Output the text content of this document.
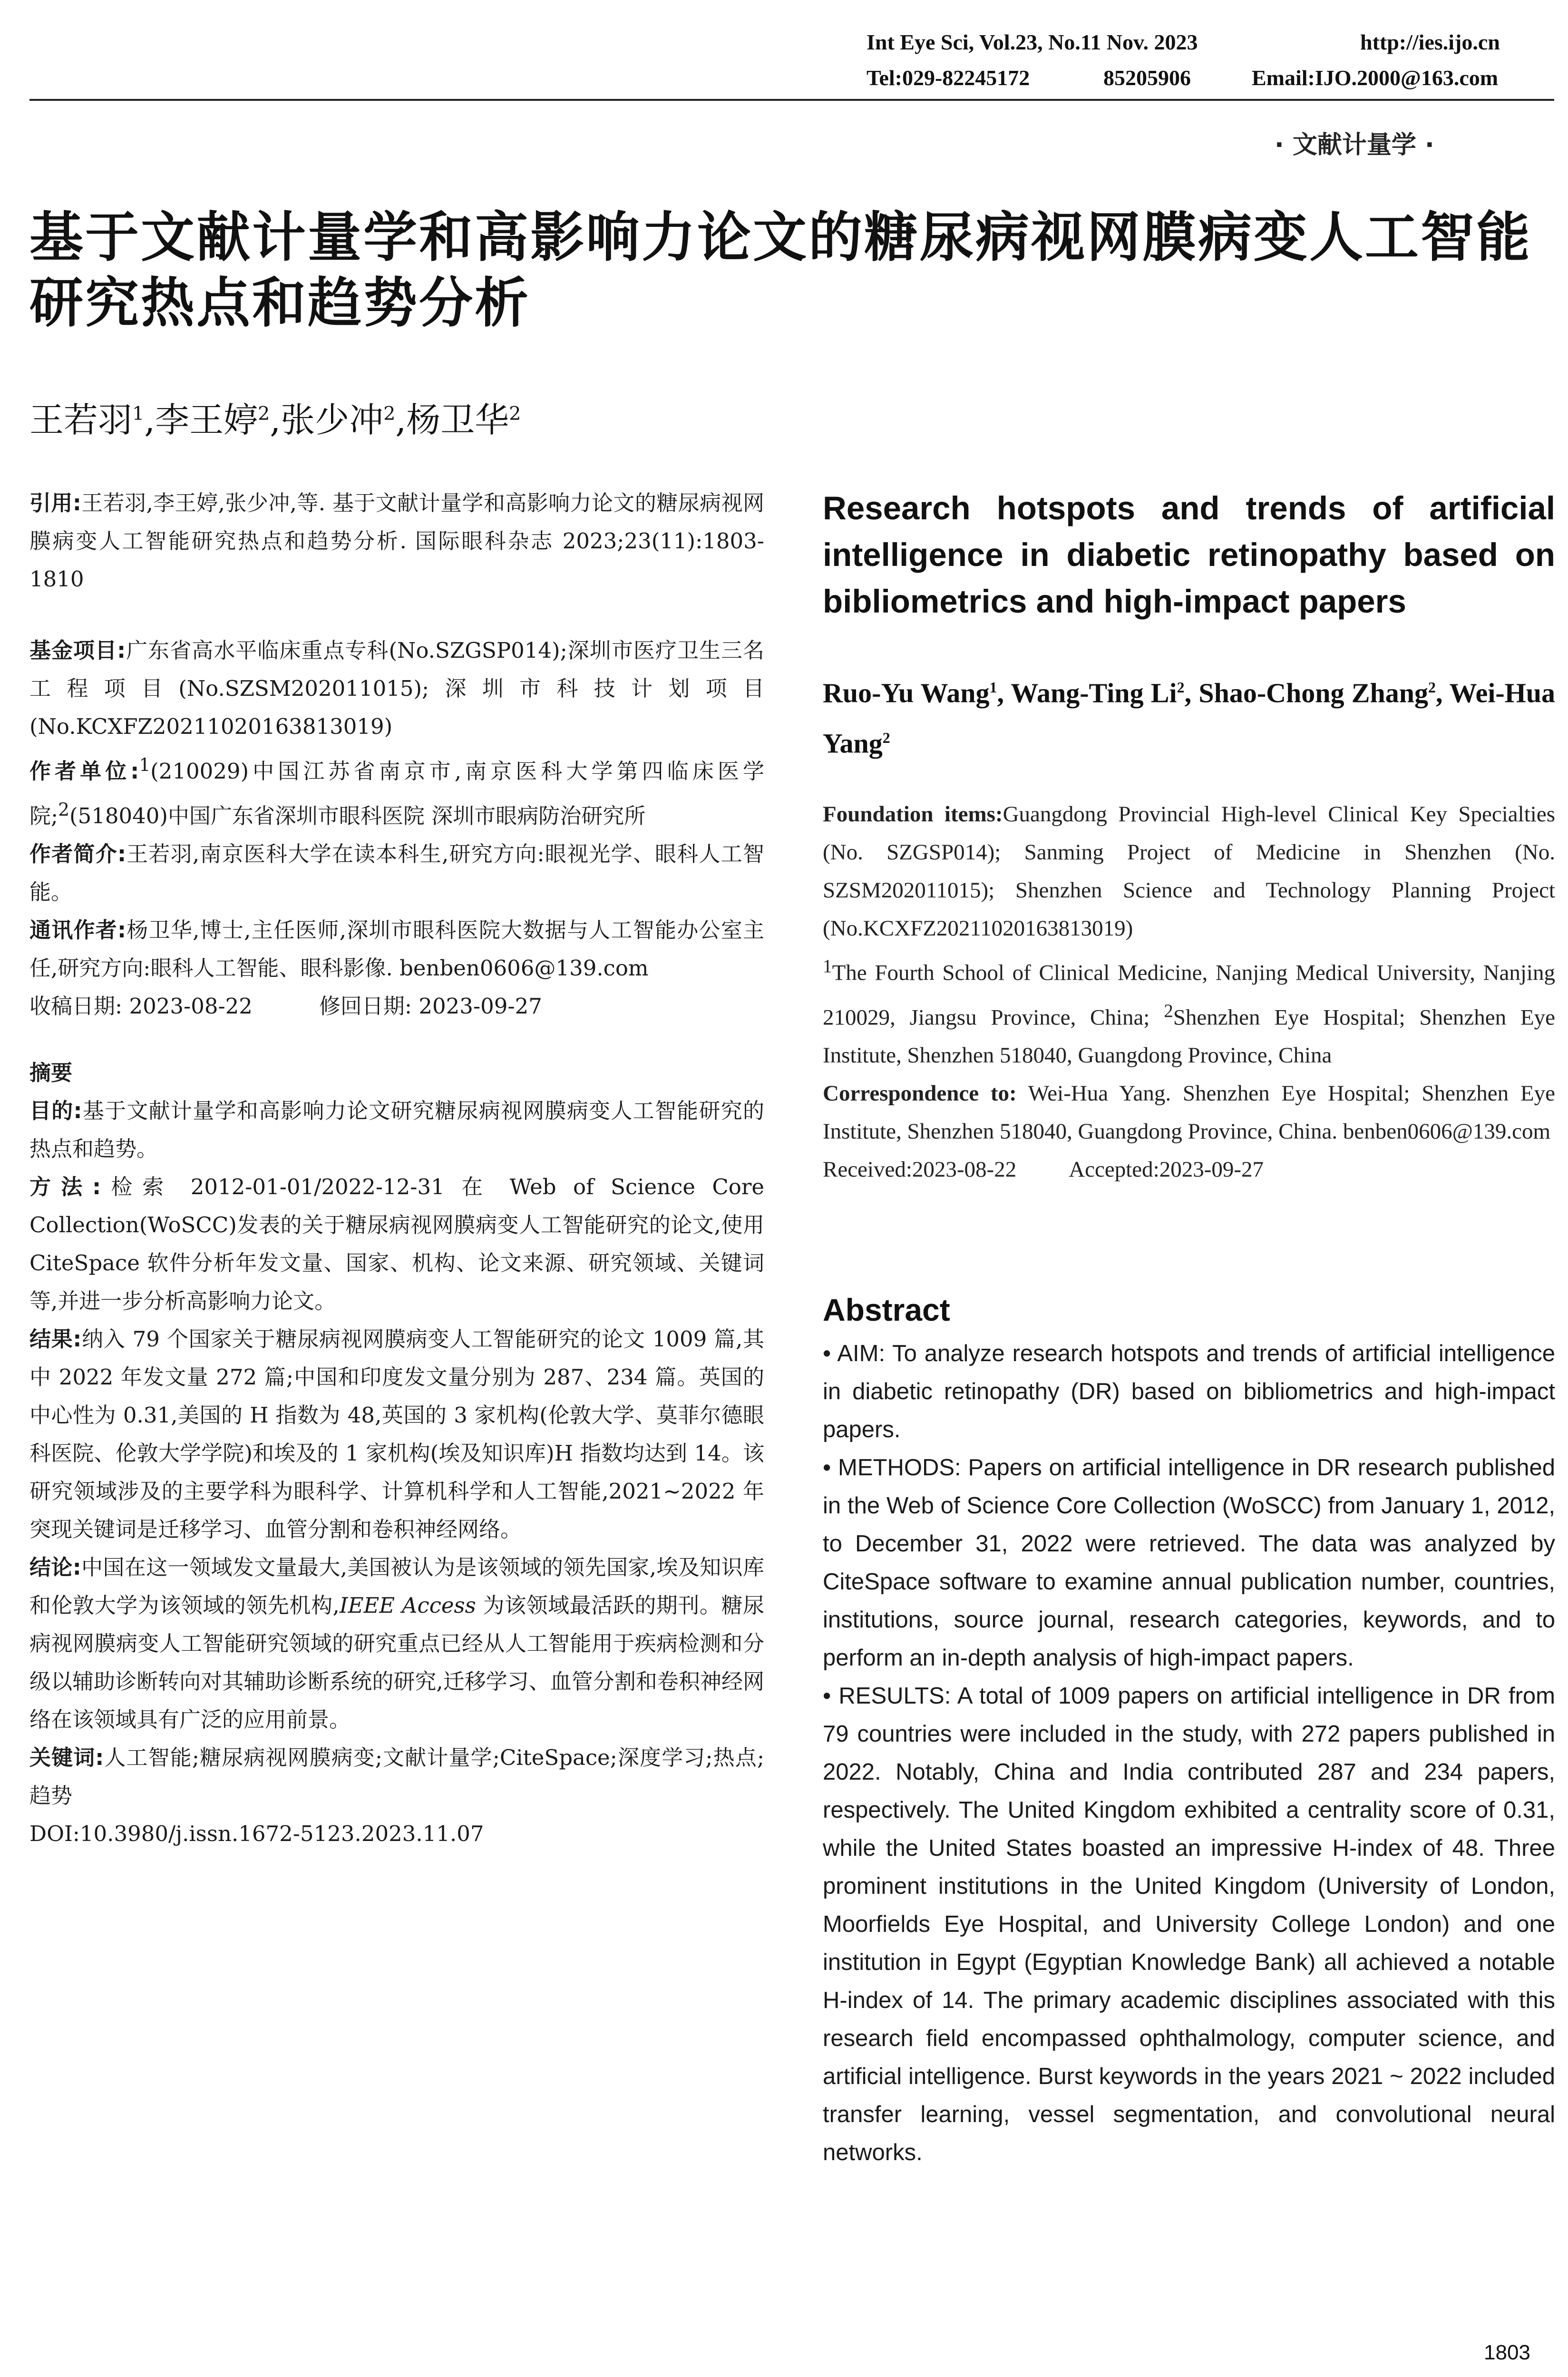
Int Eye Sci, Vol.23, No.11 Nov. 2023	http://ies.ijo.cn
Tel:029-82245172	85205906	Email:IJO.2000@163.com
· 文献计量学 ·
基于文献计量学和高影响力论文的糖尿病视网膜病变人工智能研究热点和趋势分析
王若羽$^1$,李王婷$^2$,张少冲$^2$,杨卫华$^2$

引用:王若羽,李王婷,张少冲,等. 基于文献计量学和高影响力论文的糖尿病视网膜病变人工智能研究热点和趋势分析. 国际眼科杂志 2023;23(11):1803-1810

基金项目:广东省高水平临床重点专科(No.SZGSP014);深圳市医疗卫生三名工程项目(No.SZSM202011015);深圳市科技计划项目(No.KCXFZ20211020163813019)

作者单位:$^1$(210029)中国江苏省南京市,南京医科大学第四临床医学院;$^2$(518040)中国广东省深圳市眼科医院 深圳市眼病防治研究所

作者简介:王若羽,南京医科大学在读本科生,研究方向:眼视光学、眼科人工智能。

通讯作者:杨卫华,博士,主任医师,深圳市眼科医院大数据与人工智能办公室主任,研究方向:眼科人工智能、眼科影像. benben0606@139.com

收稿日期: 2023-08-22	修回日期: 2023-09-27

摘要

目的:基于文献计量学和高影响力论文研究糖尿病视网膜病变人工智能研究的热点和趋势。

方法:检索 2012-01-01/2022-12-31 在 Web of Science Core Collection(WoSCC)发表的关于糖尿病视网膜病变人工智能研究的论文,使用 CiteSpace 软件分析年发文量、国家、机构、论文来源、研究领域、关键词等,并进一步分析高影响力论文。

结果:纳入 79 个国家关于糖尿病视网膜病变人工智能研究的论文 1009 篇,其中 2022 年发文量 272 篇;中国和印度发文量分别为 287、234 篇。英国的中心性为 0.31,美国的 H 指数为 48,英国的 3 家机构(伦敦大学、莫菲尔德眼科医院、伦敦大学学院)和埃及的 1 家机构(埃及知识库)H 指数均达到 14。该研究领域涉及的主要学科为眼科学、计算机科学和人工智能,2021~2022 年突现关键词是迁移学习、血管分割和卷积神经网络。

结论:中国在这一领域发文量最大,美国被认为是该领域的领先国家,埃及知识库和伦敦大学为该领域的领先机构,IEEE Access 为该领域最活跃的期刊。糖尿病视网膜病变人工智能研究领域的研究重点已经从人工智能用于疾病检测和分级以辅助诊断转向对其辅助诊断系统的研究,迁移学习、血管分割和卷积神经网络在该领域具有广泛的应用前景。

关键词:人工智能;糖尿病视网膜病变;文献计量学;CiteSpace;深度学习;热点;趋势

DOI:10.3980/j.issn.1672-5123.2023.11.07

Research hotspots and trends of artificial intelligence in diabetic retinopathy based on bibliometrics and high-impact papers
Ruo-Yu Wang$^1$, Wang-Ting Li$^2$, Shao-Chong Zhang$^2$, Wei-Hua Yang$^2$

Foundation items:Guangdong Provincial High-level Clinical Key Specialties (No. SZGSP014); Sanming Project of Medicine in Shenzhen (No. SZSM202011015); Shenzhen Science and Technology Planning Project (No.KCXFZ20211020163813019)

$^1$The Fourth School of Clinical Medicine, Nanjing Medical University, Nanjing 210029, Jiangsu Province, China; $^2$Shenzhen Eye Hospital; Shenzhen Eye Institute, Shenzhen 518040, Guangdong Province, China

Correspondence to: Wei-Hua Yang. Shenzhen Eye Hospital; Shenzhen Eye Institute, Shenzhen 518040, Guangdong Province, China. benben0606@139.com

Received:2023-08-22 Accepted:2023-09-27

Abstract

• AIM: To analyze research hotspots and trends of artificial intelligence in diabetic retinopathy (DR) based on bibliometrics and high-impact papers.

• METHODS: Papers on artificial intelligence in DR research published in the Web of Science Core Collection (WoSCC) from January 1, 2012, to December 31, 2022 were retrieved. The data was analyzed by CiteSpace software to examine annual publication number, countries, institutions, source journal, research categories, keywords, and to perform an in-depth analysis of high-impact papers.

• RESULTS: A total of 1009 papers on artificial intelligence in DR from 79 countries were included in the study, with 272 papers published in 2022. Notably, China and India contributed 287 and 234 papers, respectively. The United Kingdom exhibited a centrality score of 0.31, while the United States boasted an impressive H-index of 48. Three prominent institutions in the United Kingdom (University of London, Moorfields Eye Hospital, and University College London) and one institution in Egypt (Egyptian Knowledge Bank) all achieved a notable H-index of 14. The primary academic disciplines associated with this research field encompassed ophthalmology, computer science, and artificial intelligence. Burst keywords in the years 2021 ~ 2022 included transfer learning, vessel segmentation, and convolutional neural networks.

1803
